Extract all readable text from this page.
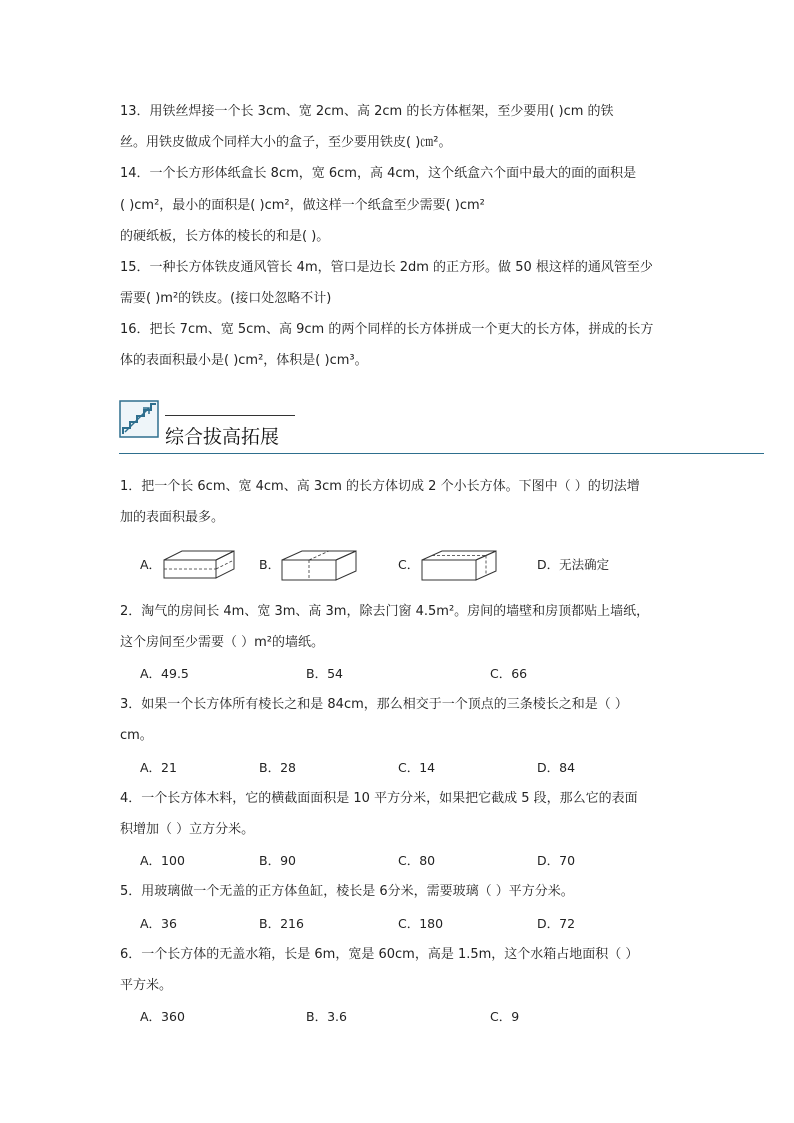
13．用铁丝焊接一个长 3cm、宽 2cm、高 2cm 的长方体框架，至少要用( )cm 的铁
丝。用铁皮做成个同样大小的盒子，至少要用铁皮( )㎝²。
14．一个长方形体纸盒长 8cm，宽 6cm，高 4cm，这个纸盒六个面中最大的面的面积是
( )cm²，最小的面积是( )cm²，做这样一个纸盒至少需要( )cm²
的硬纸板，长方体的棱长的和是( )。
15．一种长方体铁皮通风管长 4m，管口是边长 2dm 的正方形。做 50 根这样的通风管至少
需要( )m²的铁皮。(接口处忽略不计)
16．把长 7cm、宽 5cm、高 9cm 的两个同样的长方体拼成一个更大的长方体，拼成的长方
体的表面积最小是( )cm²，体积是( )cm³。
综合拔高拓展
1．把一个长 6cm、宽 4cm、高 3cm 的长方体切成 2 个小长方体。下图中（ ）的切法增
加的表面积最多。
A．	B．	C．	D．无法确定
2．淘气的房间长 4m、宽 3m、高 3m，除去门窗 4.5m²。房间的墙壁和房顶都贴上墙纸，
这个房间至少需要（ ）m²的墙纸。
A．49.5	B．54	C．66
3．如果一个长方体所有棱长之和是 84cm，那么相交于一个顶点的三条棱长之和是（ ）
cm。
A．21	B．28	C．14	D．84
4．一个长方体木料，它的横截面面积是 10 平方分米，如果把它截成 5 段，那么它的表面
积增加（ ）立方分米。
A．100	B．90	C．80	D．70
5．用玻璃做一个无盖的正方体鱼缸，棱长是 6分米，需要玻璃（ ）平方分米。
A．36	B．216	C．180	D．72
6．一个长方体的无盖水箱，长是 6m，宽是 60cm，高是 1.5m，这个水箱占地面积（ ）
平方米。
A．360	B．3.6	C．9
